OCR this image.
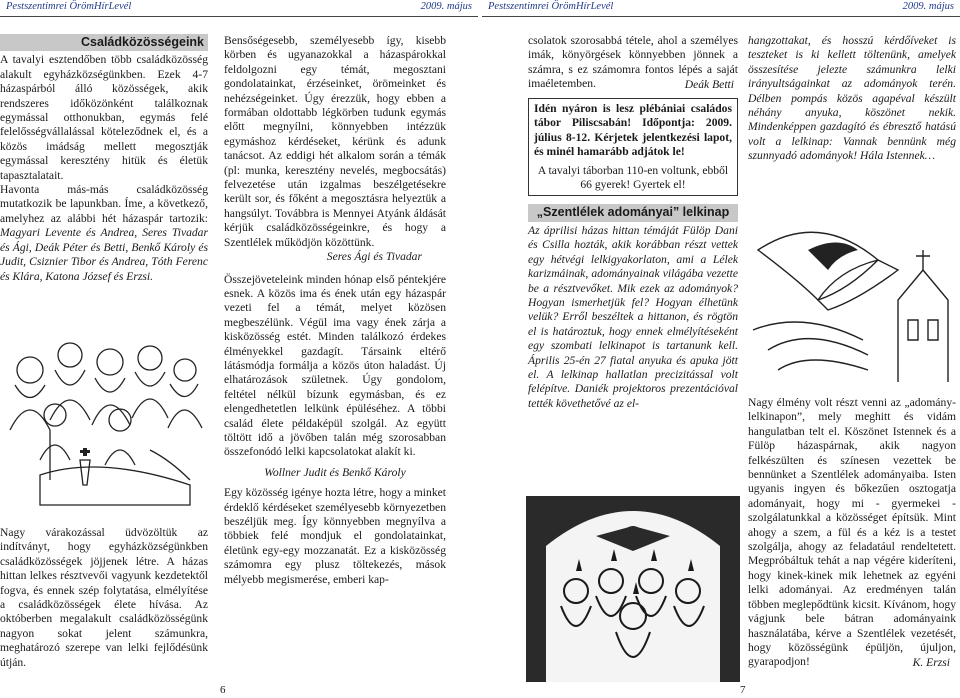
Pestszentimrei ÖrömHírLevél	2009. május
Családközösségeink

A tavalyi esztendőben több családközösség alakult egyházközségünkben. Ezek 4-7 házaspárból álló közösségek, akik rendszeres időközönként találkoznak egymással otthonukban, egymás felé felelősségvállalással köteleződnek el, és a közös imádság mellett megosztják egymással keresztény hitük és életük tapasztalatait.

Havonta más-más családközösség mutatkozik be lapunkban. Íme, a következő, amelyhez az alábbi hét házaspár tartozik: Magyari Levente és Andrea, Seres Tivadar és Ági, Deák Péter és Betti, Benkő Károly és Judit, Csiznier Tibor és Andrea, Tóth Ferenc és Klára, Katona József és Erzsi.

Nagy várakozással üdvözöltük az indítványt, hogy egyházközségünkben családközösségek jöjjenek létre. A házas hittan lelkes résztvevői vagyunk kezdetektől fogva, és ennek szép folytatása, elmélyítése a családközösségek élete hívása. Az októberben megalakult családközösségünk nagyon sokat jelent számunkra, meghatározó szerepe van lelki fejlődésünk útján.

Bensőségesebb, személyesebb így, kisebb körben és ugyanazokkal a házaspárokkal feldolgozni egy témát, megosztani gondolatainkat, érzéseinket, örömeinket és nehézségeinket. Úgy érezzük, hogy ebben a formában oldottabb légkörben tudunk egymás előtt megnyílni, könnyebben intézzük egymáshoz kérdéseket, kérünk és adunk tanácsot. Az eddigi hét alkalom során a témák (pl: munka, keresztény nevelés, megbocsátás) felvezetése után izgalmas beszélgetésekre került sor, és főként a megosztásra helyeztük a hangsúlyt. Továbbra is Mennyei Atyánk áldását kérjük családközösségeinkre, és hogy a Szentlélek működjön közöttünk.

Seres Ági és Tivadar

Összejöveteleink minden hónap első péntekjére esnek. A közös ima és ének után egy házaspár vezeti fel a témát, melyet közösen megbeszélünk. Végül ima vagy ének zárja a kisközösség estét. Minden találkozó érdekes élményekkel gazdagít. Társaink eltérő látásmódja formálja a közös úton haladást. Új elhatározások születnek. Úgy gondolom, feltétel nélkül bízunk egymásban, és ez elengedhetetlen lelkünk épüléséhez. A többi család élete példaképül szolgál. Az együtt töltött idő a jövőben talán még szorosabban összefonódó lelki kapcsolatokat alakít ki.

Wollner Judit és Benkő Károly

Egy közösség igénye hozta létre, hogy a minket érdeklő kérdéseket személyesebb környezetben beszéljük meg. Így könnyebben megnyílva a többiek felé mondjuk el gondolatainkat, életünk egy-egy mozzanatát. Ez a kisközösség számomra egy plusz töltekezés, mások mélyebb megismerése, emberi kap-

6
Pestszentimrei ÖrömHírLevél	2009. május

csolatok szorosabbá tétele, ahol a személyes imák, könyörgések könnyebben jönnek a számra, s ez számomra fontos lépés a saját imaéletemben.	Deák Betti

Idén nyáron is lesz plébániai családos tábor Piliscsabán! Időpontja: 2009. július 8-12. Kérjetek jelentkezési lapot, és minél hamarább adjátok le!

A tavalyi táborban 110-en voltunk, ebből 66 gyerek! Gyertek el!

„Szentlélek adományai” lelkinap

Az áprilisi házas hittan témáját Fülöp Dani és Csilla hozták, akik korábban részt vettek egy hétvégi lelkigyakorlaton, ami a Lélek karizmáinak, adományainak világába vezette be a résztvevőket. Mik ezek az adományok? Hogyan ismerhetjük fel? Hogyan élhetünk velük? Erről beszéltek a hittanon, és rögtön el is határoztuk, hogy ennek elmélyítéseként egy szombati lelkinapot is tartanunk kell. Április 25-én 27 fiatal anyuka és apuka jött el. A lelkinap hallatlan precizitással volt felépítve. Daniék projektoros prezentációval tették követhetővé az el-

hangzottakat, és hosszú kérdőíveket is teszteket is ki kellett töltenünk, amelyek összesítése jelezte számunkra lelki irányultságainkat az adományok terén. Délben pompás közös agapéval készült néhány anyuka, köszönet nekik. Mindenképpen gazdagító és ébresztő hatású volt a lelkinap: Vannak bennünk még szunnyadó adományok! Hála Istennek…

Nagy élmény volt részt venni az „adomány-lelkinapon”, mely meghitt és vidám hangulatban telt el. Köszönet Istennek és a Fülöp házaspárnak, akik nagyon felkészülten és színesen vezettek be bennünket a Szentlélek adományaiba. Isten ugyanis ingyen és bőkezűen osztogatja adományait, hogy mi - gyermekei - szolgálatunkkal a közösséget építsük. Mint ahogy a szem, a fül és a kéz is a testet szolgálja, ahogy az feladatául rendeltetett. Megpróbáltuk tehát a nap végére kideríteni, hogy kinek-kinek mik lehetnek az egyéni lelki adományai. Az eredményen talán többen meglepődtünk kicsit. Kívánom, hogy vágjunk bele bátran adományaink használatába, kérve a Szentlélek vezetését, hogy közösségünk épüljön, újuljon, gyarapodjon!	K. Erzsi

7
